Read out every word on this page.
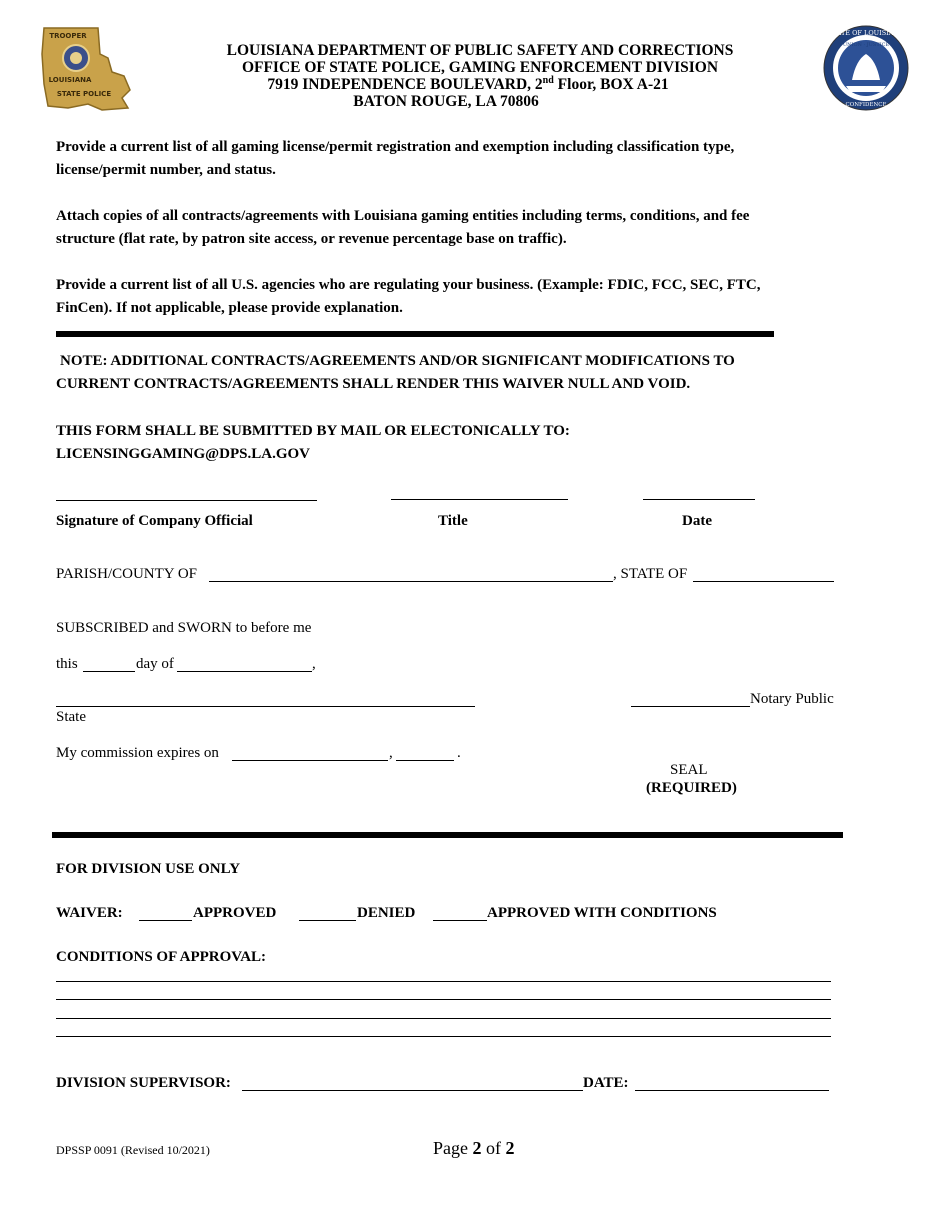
TROOPER
LOUISIANA
STATE POLICE
STATE OF LOUISIANA
UNION · JUSTICE
CONFIDENCE
LOUISIANA DEPARTMENT OF PUBLIC SAFETY AND CORRECTIONS
OFFICE OF STATE POLICE, GAMING ENFORCEMENT DIVISION
7919 INDEPENDENCE BOULEVARD, 2nd Floor, BOX A-21
BATON ROUGE, LA 70806
Provide a current list of all gaming license/permit registration and exemption including classification type, license/permit number, and status.
Attach copies of all contracts/agreements with Louisiana gaming entities including terms, conditions, and fee structure (flat rate, by patron site access, or revenue percentage base on traffic).
Provide a current list of all U.S. agencies who are regulating your business. (Example: FDIC, FCC, SEC, FTC, FinCen). If not applicable, please provide explanation.
NOTE: ADDITIONAL CONTRACTS/AGREEMENTS AND/OR SIGNIFICANT MODIFICATIONS TO
CURRENT CONTRACTS/AGREEMENTS SHALL RENDER THIS WAIVER NULL AND VOID.
THIS FORM SHALL BE SUBMITTED BY MAIL OR ELECTONICALLY TO:
LICENSINGGAMING@DPS.LA.GOV
Signature of Company Official	Title	Date
PARISH/COUNTY OF	, STATE OF
SUBSCRIBED and SWORN to before me
this	day of	,
Notary Public
State
My commission expires on	,	.
SEAL
(REQUIRED)
FOR DIVISION USE ONLY
WAIVER:	APPROVED	DENIED	APPROVED WITH CONDITIONS
CONDITIONS OF APPROVAL:
DIVISION SUPERVISOR:	DATE:
DPSSP 0091 (Revised 10/2021)	Page 2 of 2
